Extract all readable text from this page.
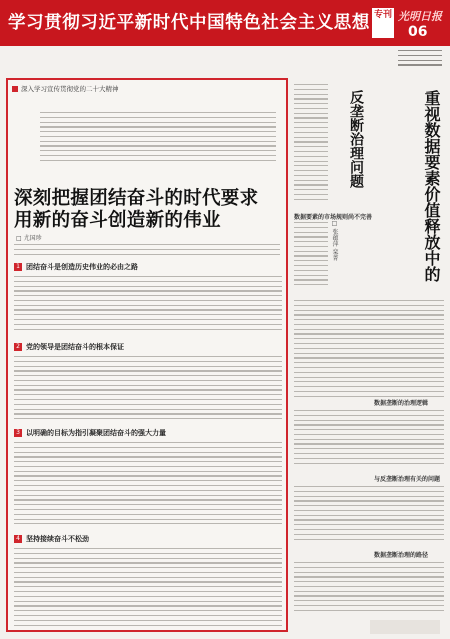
学习贯彻习近平新时代中国特色社会主义思想 专刊 光明日报
06
深入学习宣传贯彻党的二十大精神
深刻把握团结奋斗的时代要求
用新的奋斗创造新的伟业
□ 尤国珍
1 团结奋斗是创造历史伟业的必由之路
2 党的领导是团结奋斗的根本保证
3 以明确的目标为指引凝聚团结奋斗的强大力量
4 坚持接续奋斗不松劲
重视数据要素价值释放中的
反垄断治理问题
□ 张蕴萍 栾菁
数据要素的市场规则尚不完善
数据垄断的治理逻辑
与反垄断治理有关的问题
数据垄断治理的路径
